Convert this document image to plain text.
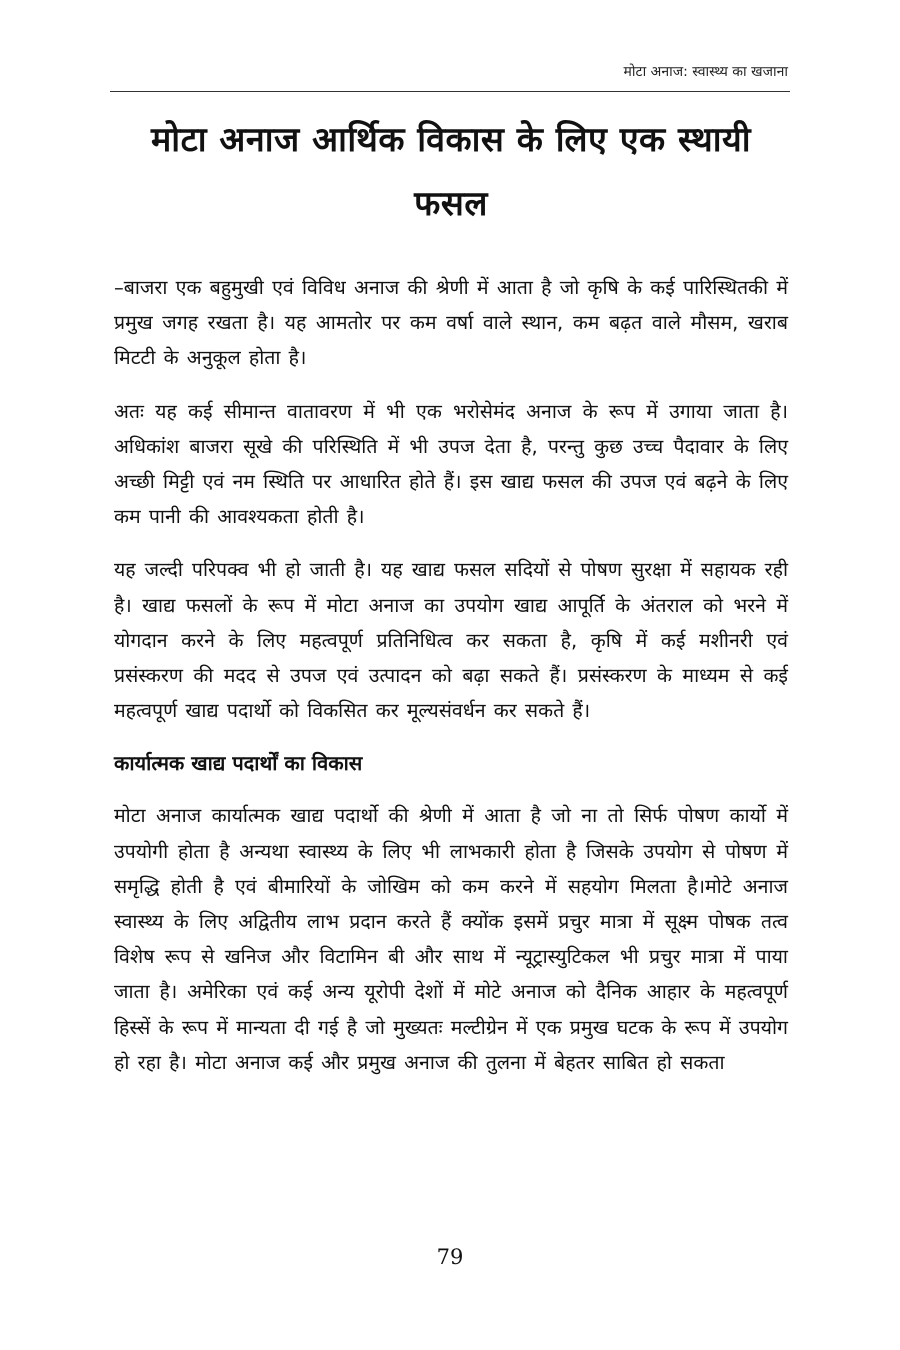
मोटा अनाज: स्वास्थ्य का खजाना
मोटा अनाज आर्थिक विकास के लिए एक स्थायी फसल

–बाजरा एक बहुमुखी एवं विविध अनाज की श्रेणी में आता है जो कृषि के कई पारिस्थितकी में प्रमुख जगह रखता है। यह आमतोर पर कम वर्षा वाले स्थान, कम बढ़त वाले मौसम, खराब मिटटी के अनुकूल होता है।

अतः यह कई सीमान्त वातावरण में भी एक भरोसेमंद अनाज के रूप में उगाया जाता है। अधिकांश बाजरा सूखे की परिस्थिति में भी उपज देता है, परन्तु कुछ उच्च पैदावार के लिए अच्छी मिट्टी एवं नम स्थिति पर आधारित होते हैं। इस खाद्य फसल की उपज एवं बढ़ने के लिए कम पानी की आवश्यकता होती है।

यह जल्दी परिपक्व भी हो जाती है। यह खाद्य फसल सदियों से पोषण सुरक्षा में सहायक रही है। खाद्य फसलों के रूप में मोटा अनाज का उपयोग खाद्य आपूर्ति के अंतराल को भरने में योगदान करने के लिए महत्वपूर्ण प्रतिनिधित्व कर सकता है, कृषि में कई मशीनरी एवं प्रसंस्करण की मदद से उपज एवं उत्पादन को बढ़ा सकते हैं। प्रसंस्करण के माध्यम से कई महत्वपूर्ण खाद्य पदार्थो को विकसित कर मूल्यसंवर्धन कर सकते हैं।

कार्यात्मक खाद्य पदार्थों का विकास

मोटा अनाज कार्यात्मक खाद्य पदार्थो की श्रेणी में आता है जो ना तो सिर्फ पोषण कार्यो में उपयोगी होता है अन्यथा स्वास्थ्य के लिए भी लाभकारी होता है जिसके उपयोग से पोषण में समृद्धि होती है एवं बीमारियों के जोखिम को कम करने में सहयोग मिलता है।मोटे अनाज स्वास्थ्य के लिए अद्वितीय लाभ प्रदान करते हैं क्योंक इसमें प्रचुर मात्रा में सूक्ष्म पोषक तत्व विशेष रूप से खनिज और विटामिन बी और साथ में न्यूट्रास्युटिकल भी प्रचुर मात्रा में पाया जाता है। अमेरिका एवं कई अन्य यूरोपी देशों में मोटे अनाज को दैनिक आहार के महत्वपूर्ण हिस्सें के रूप में मान्यता दी गई है जो मुख्यतः मल्टीग्रेन में एक प्रमुख घटक के रूप में उपयोग हो रहा है। मोटा अनाज कई और प्रमुख अनाज की तुलना में बेहतर साबित हो सकता

79
